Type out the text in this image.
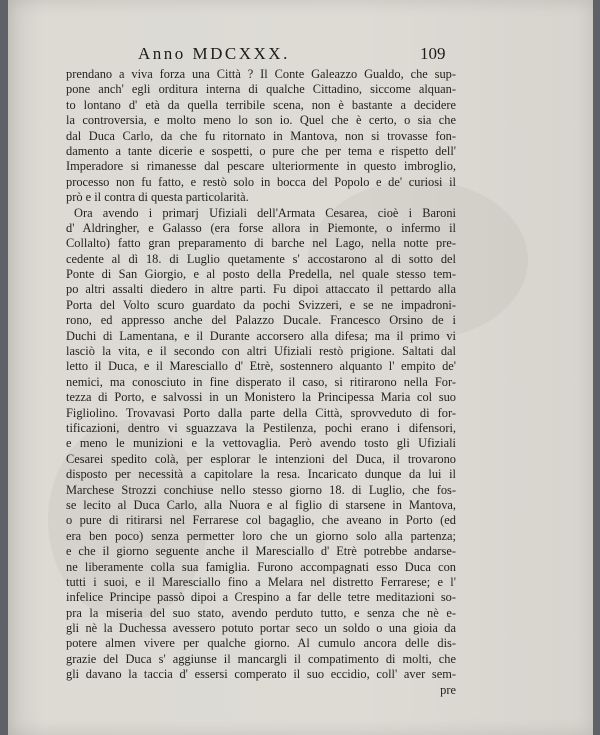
Anno MDCXXX.	109
prendano a viva forza una Città ? Il Conte Galeazzo Gualdo, che sup-
pone anch' egli orditura interna di qualche Cittadino, siccome alquan-
to lontano d' età da quella terribile scena, non è bastante a decidere
la controversia, e molto meno lo son io. Quel che è certo, o sia che
dal Duca Carlo, da che fu ritornato in Mantova, non si trovasse fon-
damento a tante dicerie e sospetti, o pure che per tema e rispetto dell'
Imperadore si rimanesse dal pescare ulteriormente in questo imbroglio,
processo non fu fatto, e restò solo in bocca del Popolo e de' curiosi il
prò e il contra di questa particolarità.
Ora avendo i primarj Ufiziali dell'Armata Cesarea, cioè i Baroni
d' Aldringher, e Galasso (era forse allora in Piemonte, o infermo il
Collalto) fatto gran preparamento di barche nel Lago, nella notte pre-
cedente al dì 18. di Luglio quetamente s' accostarono al di sotto del
Ponte di San Giorgio, e al posto della Predella, nel quale stesso tem-
po altri assalti diedero in altre parti. Fu dipoi attaccato il pettardo alla
Porta del Volto scuro guardato da pochi Svizzeri, e se ne impadroni-
rono, ed appresso anche del Palazzo Ducale. Francesco Orsino de i
Duchi di Lamentana, e il Durante accorsero alla difesa; ma il primo vi
lasciò la vita, e il secondo con altri Ufiziali restò prigione. Saltati dal
letto il Duca, e il Maresciallo d' Etrè, sostennero alquanto l' empito de'
nemici, ma conosciuto in fine disperato il caso, si ritirarono nella For-
tezza di Porto, e salvossi in un Monistero la Principessa Maria col suo
Figliolino. Trovavasi Porto dalla parte della Città, sprovveduto di for-
tificazioni, dentro vi sguazzava la Pestilenza, pochi erano i difensori,
e meno le munizioni e la vettovaglia. Però avendo tosto gli Ufiziali
Cesarei spedito colà, per esplorar le intenzioni del Duca, il trovarono
disposto per necessità a capitolare la resa. Incaricato dunque da lui il
Marchese Strozzi conchiuse nello stesso giorno 18. di Luglio, che fos-
se lecito al Duca Carlo, alla Nuora e al figlio di starsene in Mantova,
o pure di ritirarsi nel Ferrarese col bagaglio, che aveano in Porto (ed
era ben poco) senza permetter loro che un giorno solo alla partenza;
e che il giorno seguente anche il Maresciallo d' Etrè potrebbe andarse-
ne liberamente colla sua famiglia. Furono accompagnati esso Duca con
tutti i suoi, e il Maresciallo fino a Melara nel distretto Ferrarese; e l'
infelice Principe passò dipoi a Crespino a far delle tetre meditazioni so-
pra la miseria del suo stato, avendo perduto tutto, e senza che nè e-
gli nè la Duchessa avessero potuto portar seco un soldo o una gioia da
potere almen vivere per qualche giorno. Al cumulo ancora delle dis-
grazie del Duca s' aggiunse il mancargli il compatimento di molti, che
gli davano la taccia d' essersi comperato il suo eccidio, coll' aver sem-
pre
